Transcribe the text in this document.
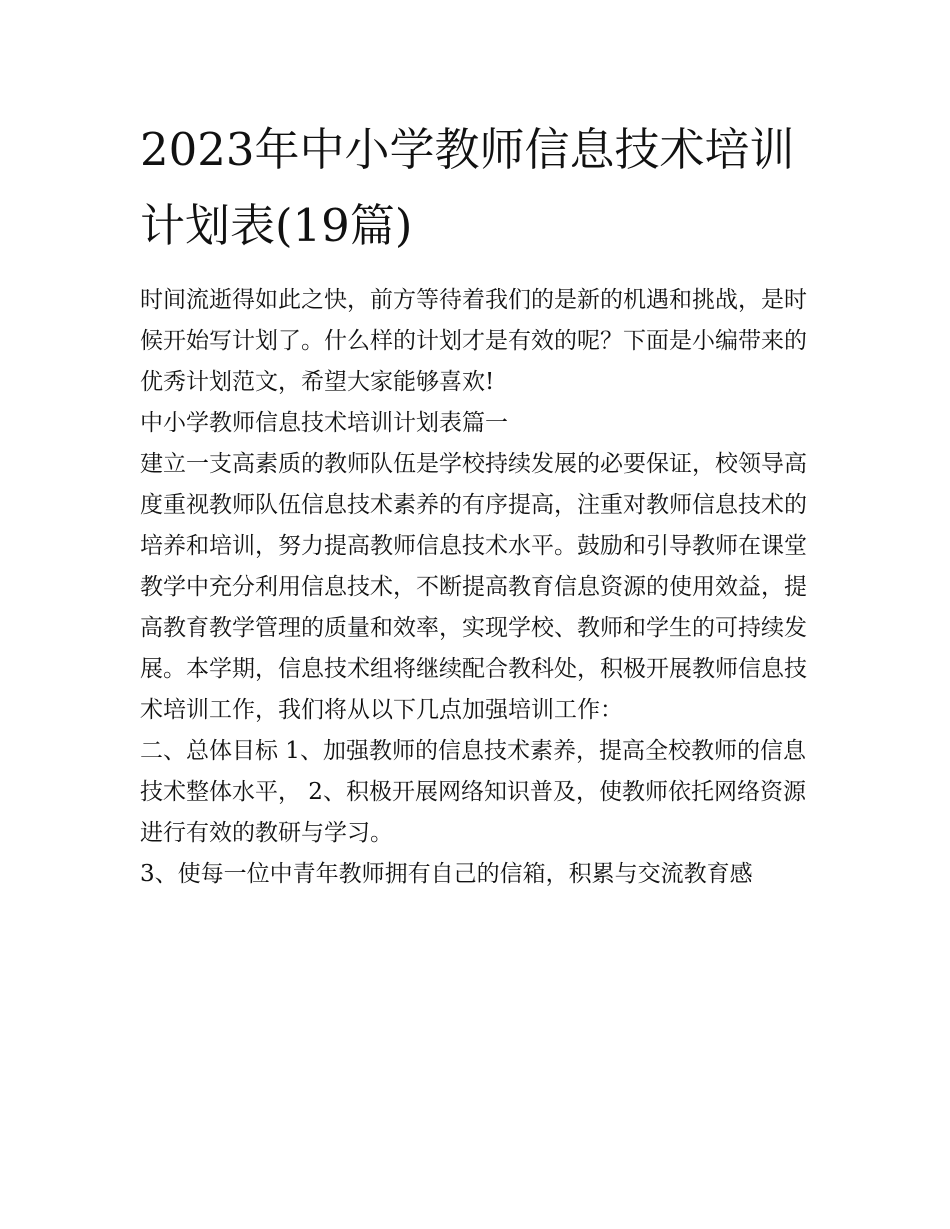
2023年中小学教师信息技术培训计划表(19篇)

时间流逝得如此之快，前方等待着我们的是新的机遇和挑战，是时候开始写计划了。什么样的计划才是有效的呢？下面是小编带来的优秀计划范文，希望大家能够喜欢!

中小学教师信息技术培训计划表篇一

建立一支高素质的教师队伍是学校持续发展的必要保证，校领导高度重视教师队伍信息技术素养的有序提高，注重对教师信息技术的培养和培训，努力提高教师信息技术水平。鼓励和引导教师在课堂教学中充分利用信息技术，不断提高教育信息资源的使用效益，提高教育教学管理的质量和效率，实现学校、教师和学生的可持续发展。本学期，信息技术组将继续配合教科处，积极开展教师信息技术培训工作，我们将从以下几点加强培训工作：

二、总体目标 1、加强教师的信息技术素养，提高全校教师的信息技术整体水平， 2、积极开展网络知识普及，使教师依托网络资源进行有效的教研与学习。

3、使每一位中青年教师拥有自己的信箱，积累与交流教育感
